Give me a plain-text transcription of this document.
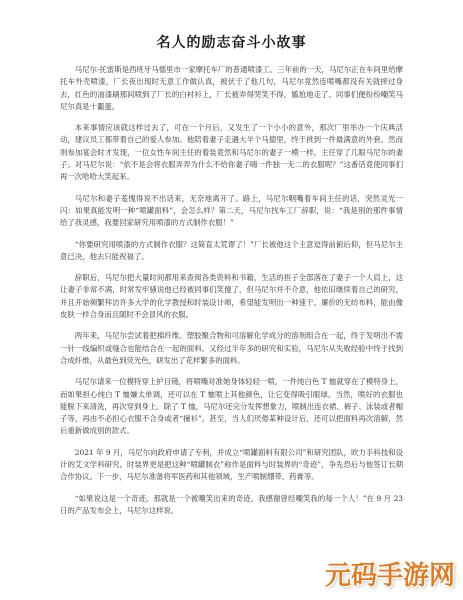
名人的励志奋斗小故事

马尼尔·托雷斯是西班牙马德里市一家摩托车厂的普通喷漆工。三年前的一天，马尼尔正在车间里给摩托车外壳喷漆，厂长夜出现时无意工作做认真，被伏于了他几句，马尼尔竟然连喷嘴都没有关就摔过身去，红色的油漆刷那间喷到了厂长的白衬衫上，厂长被弄得哭笑不得，尴尬地走了。同事们便纷纷嘲笑马尼尔真是十噩蛋。

本来事情应该就这样过去了，可在一个月后，又发生了一个小小的意外，那次厂里举办一个庆典活动，建议员工都带着自己的爱人参加。他陪着妻子走遇大半个马德里，终于挑到一件最满意的外套。然而则参加宴会时才发现，一位女性车间主任的着装竟然和马尼尔的妻子一模一样，主任穿了几眼马尼尔的妻子。对马尼尔说：“依不是会将衣服弄弄为什么不给你妻子嗨一件独一无二的衣服呢？”这番话竟使同事们再一次哈哈大笑起来。

马尼尔和妻子羞愧得说不出话来，无奈地离开了。路上，马尼尔咽嘴着车间主任的话，突然灵光一闪：如果真能发明一种“喷罐面料”，会怎么样？第二天，马尼尔找车工厂辞职，说：“我是别的那件事情给了我灵感，我要回家研究用喷漆的方式制作衣服！”

“你要研究用喷漆的方式制作衣服？这简直太荒谬了！”厂长被他这个主意逗得前俯后仰，但马尼尔主意已决，他去只能祝福了。

辞职后，马尼尔把大量时间都用来查阅各类资料和书籍，生活的担子全部落在了妻子一个人肩上，这让妻子非常不满，时常发牢骚说他已经被同事们笑傻了，但马尼尔并不介意，他依旧继续着自己的研究，并且开始频繁拜访许多大学的化学教授和时装设计师，希望能发明出一种速干、廉价的无纺布料，能由像皮肤一样合身而且随时不会冒风的衣服。

两年来，马尼尔尝试着把棉纤维、塑胶聚合物和可溶解化学成分的溶剂组合在一起，终于发明出不需一针一线编织或缝合也能结合在一起的面料。又经过半年多的研究和实验，马尼尔从失败经验中终于找到合成纤维，从最色到荧光色，研发出了花样繁多的面料。

马尼尔请来一位模特穿上护目镜，将喷嘴对准她身体轻轻一喷，一件纯白色 T 恤就穿在了模特身上，而如果担心纯白 T 恤嫌太单调，还可以在 T 恤喷上其他颜色，让它变得吸引眼球。当然，喷好的衣服也能脱下来清洗，再次穿到身上。除了 T 恤，马尼尔还完分发挥想象力，喷制出连衣裙、裤子、泳装或者帽子等，再由不必担心衣服不合身或者“撞衫”，甚至，当人们厌倦某种设计后，还可以把面料再次溶解，然后重新做成别的款式。

2021 年 9 月，马尼尔向政府申请了专利，并成立“喷罐面料有限公司”和研究团队，欧力手科技和设计的艾文学科研究。时装界更是把这种“喷罐制衣”称作是面料与时装界的“奇迹”，争先恐后与他签订长期合作协议。下一步，马尼尔准备将军医药和其他领域，生产喷制绷带、药膏等。

“如果说这是一个奇迹，那就是一个被嘲笑出来的奇迹。我感谢曾经嘲笑我的每一个人！”在 9 月 23 日的产品发布会上，马尼尔这样说。

元码手游网
